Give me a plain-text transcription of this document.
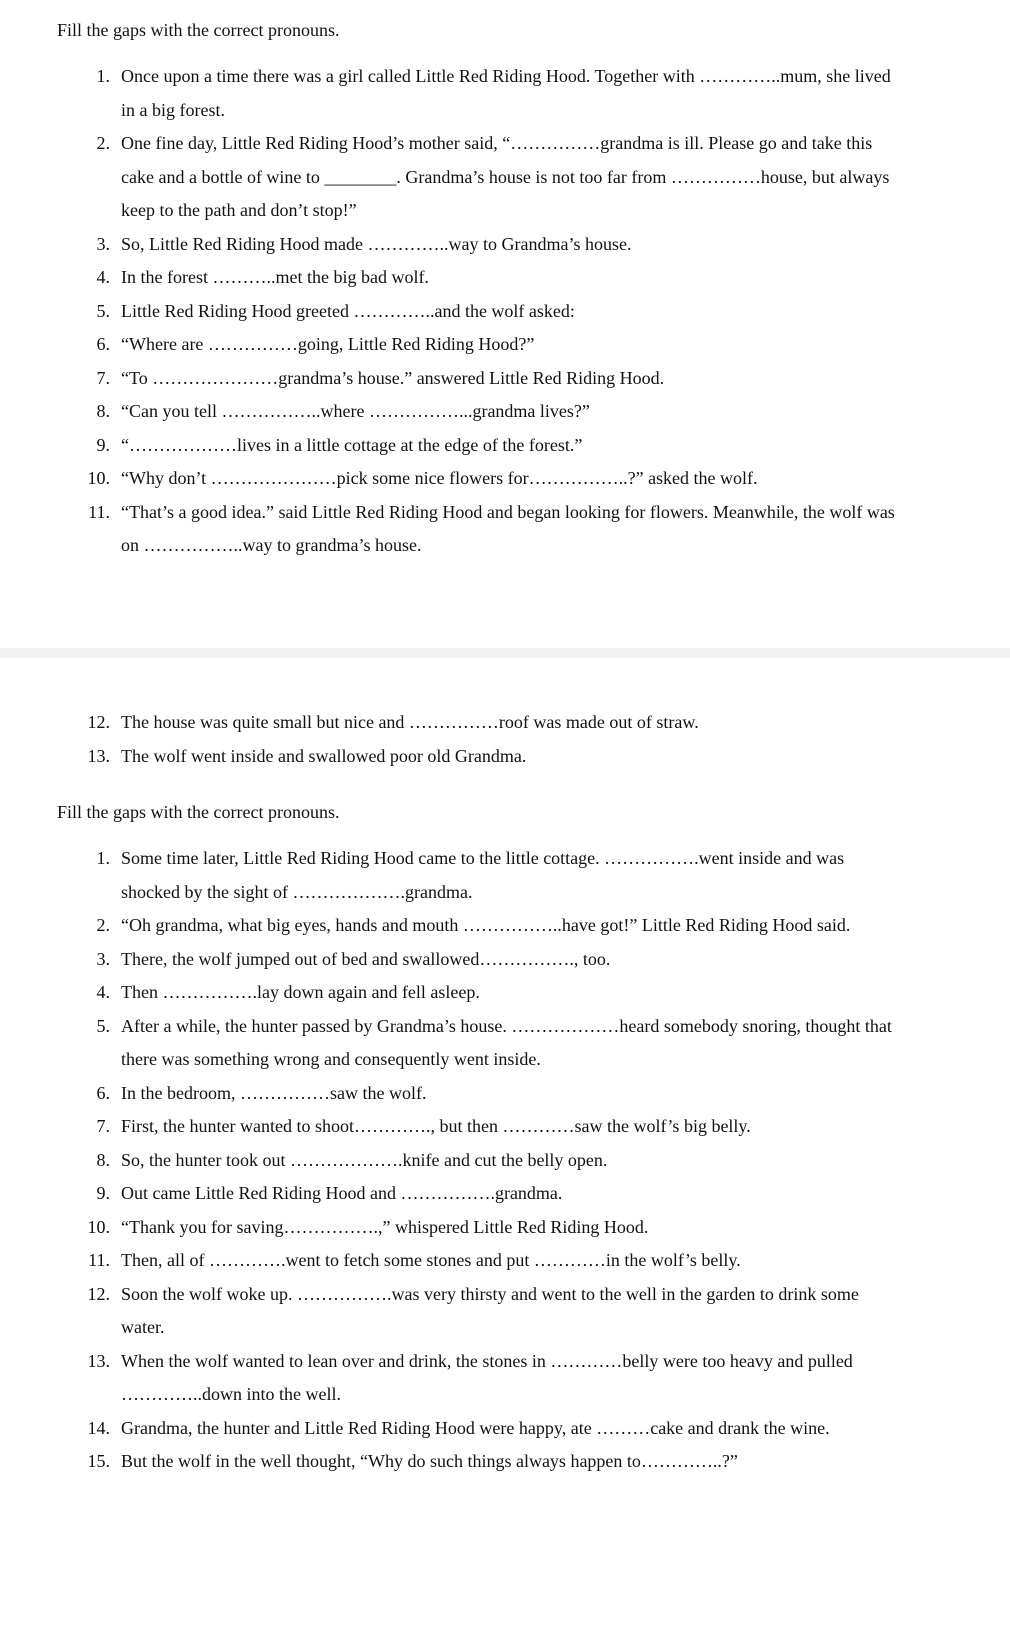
Fill the gaps with the correct pronouns.
1. Once upon a time there was a girl called Little Red Riding Hood. Together with …………..mum, she lived in a big forest.
2. One fine day, Little Red Riding Hood’s mother said, “……………grandma is ill. Please go and take this cake and a bottle of wine to ________. Grandma’s house is not too far from ……………house, but always keep to the path and don’t stop!”
3. So, Little Red Riding Hood made …………..way to Grandma’s house.
4. In the forest ………..met the big bad wolf.
5. Little Red Riding Hood greeted …………..and the wolf asked:
6. “Where are ……………going, Little Red Riding Hood?”
7. “To …………………grandma’s house.” answered Little Red Riding Hood.
8. “Can you tell ……………..where ……………...grandma lives?”
9. “………………lives in a little cottage at the edge of the forest.”
10. “Why don’t …………………pick some nice flowers for……………..?” asked the wolf.
11. “That’s a good idea.” said Little Red Riding Hood and began looking for flowers. Meanwhile, the wolf was on ……………..way to grandma’s house.
12. The house was quite small but nice and ……………roof was made out of straw.
13. The wolf went inside and swallowed poor old Grandma.
Fill the gaps with the correct pronouns.
1. Some time later, Little Red Riding Hood came to the little cottage. …………….went inside and was shocked by the sight of ……………….grandma.
2. “Oh grandma, what big eyes, hands and mouth ……………..have got!” Little Red Riding Hood said.
3. There, the wolf jumped out of bed and swallowed……………., too.
4. Then …………….lay down again and fell asleep.
5. After a while, the hunter passed by Grandma’s house. ………………heard somebody snoring, thought that there was something wrong and consequently went inside.
6. In the bedroom, ……………saw the wolf.
7. First, the hunter wanted to shoot…………., but then …………saw the wolf’s big belly.
8. So, the hunter took out ……………….knife and cut the belly open.
9. Out came Little Red Riding Hood and …………….grandma.
10. “Thank you for saving…………….,” whispered Little Red Riding Hood.
11. Then, all of ………….went to fetch some stones and put …………in the wolf’s belly.
12. Soon the wolf woke up. …………….was very thirsty and went to the well in the garden to drink some water.
13. When the wolf wanted to lean over and drink, the stones in …………belly were too heavy and pulled …………..down into the well.
14. Grandma, the hunter and Little Red Riding Hood were happy, ate ………cake and drank the wine.
15. But the wolf in the well thought, “Why do such things always happen to…………..?”
